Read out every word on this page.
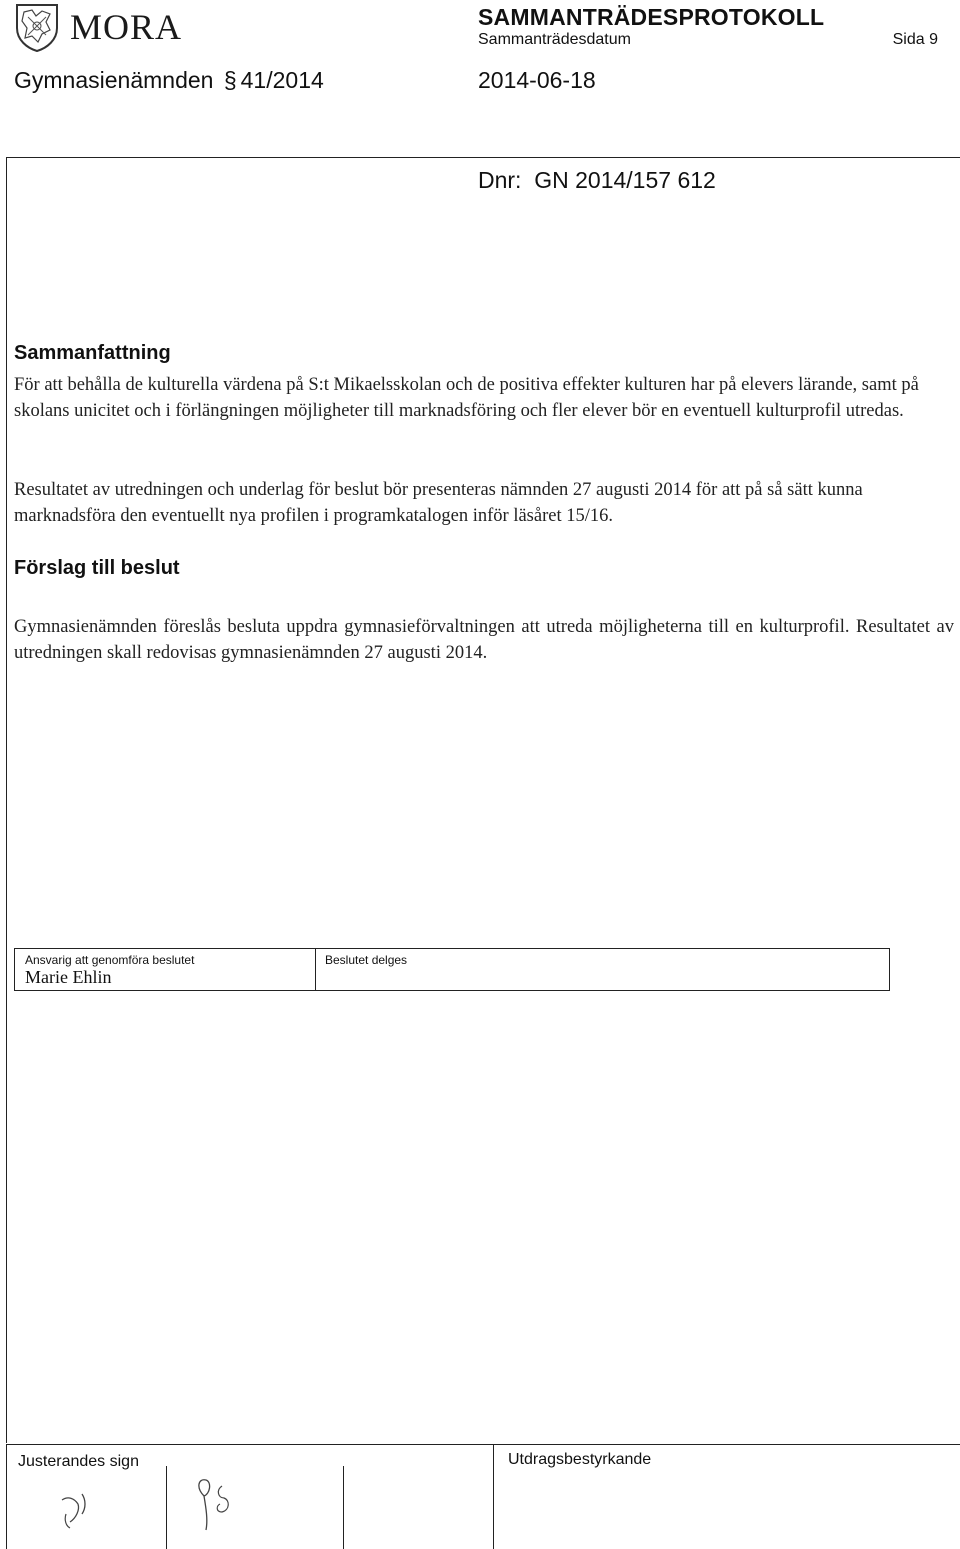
MORA	SAMMANTRÄDESPROTOKOLL
Sammanträdesdatum	Sida 9
Gymnasienämnden § 41/2014	2014-06-18
Dnr:  GN 2014/157 612
Sammanfattning
För att behålla de kulturella värdena på S:t Mikaelsskolan och de positiva effekter kulturen har på elevers lärande, samt på skolans unicitet och i förlängningen möjligheter till marknadsföring och fler elever bör en eventuell kulturprofil utredas.
Resultatet av utredningen och underlag för beslut bör presenteras nämnden 27 augusti 2014 för att på så sätt kunna marknadsföra den eventuellt nya profilen i programkatalogen inför läsåret 15/16.
Förslag till beslut
Gymnasienämnden föreslås besluta uppdra gymnasieförvaltningen att utreda möjligheterna till en kulturprofil. Resultatet av utredningen skall redovisas gymnasienämnden 27 augusti 2014.
Ansvarig att genomföra beslutet
Marie Ehlin
Beslutet delges
Justerandes sign	Utdragsbestyrkande
